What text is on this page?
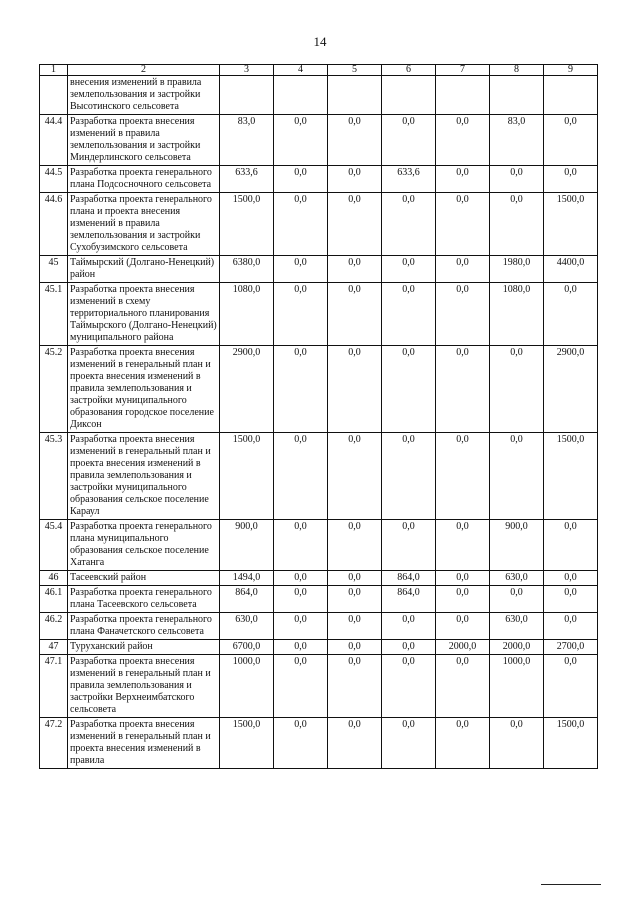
14
1	2	3	4	5	6	7	8	9
	внесения изменений в правила землепользования и застройки Высотинского сельсовета							
44.4	Разработка проекта внесения изменений в правила землепользования и застройки Миндерлинского сельсовета	83,0	0,0	0,0	0,0	0,0	83,0	0,0
44.5	Разработка проекта генерального плана Подсосночного сельсовета	633,6	0,0	0,0	633,6	0,0	0,0	0,0
44.6	Разработка проекта генерального плана и проекта внесения изменений в правила землепользования и застройки Сухобузимского сельсовета	1500,0	0,0	0,0	0,0	0,0	0,0	1500,0
45	Таймырский (Долгано-Ненецкий) район	6380,0	0,0	0,0	0,0	0,0	1980,0	4400,0
45.1	Разработка проекта внесения изменений в схему территориального планирования Таймырского (Долгано-Ненецкий) муниципального района	1080,0	0,0	0,0	0,0	0,0	1080,0	0,0
45.2	Разработка проекта внесения изменений в генеральный план и проекта внесения изменений в правила землепользования и застройки муниципального образования городское поселение Диксон	2900,0	0,0	0,0	0,0	0,0	0,0	2900,0
45.3	Разработка проекта внесения изменений в генеральный план и проекта внесения изменений в правила землепользования и застройки муниципального образования сельское поселение Караул	1500,0	0,0	0,0	0,0	0,0	0,0	1500,0
45.4	Разработка проекта генерального плана муниципального образования сельское поселение Хатанга	900,0	0,0	0,0	0,0	0,0	900,0	0,0
46	Тасеевский район	1494,0	0,0	0,0	864,0	0,0	630,0	0,0
46.1	Разработка проекта генерального плана Тасеевского сельсовета	864,0	0,0	0,0	864,0	0,0	0,0	0,0
46.2	Разработка проекта генерального плана Фаначетского сельсовета	630,0	0,0	0,0	0,0	0,0	630,0	0,0
47	Туруханский район	6700,0	0,0	0,0	0,0	2000,0	2000,0	2700,0
47.1	Разработка проекта внесения изменений в генеральный план и правила землепользования и застройки Верхнеимбатского сельсовета	1000,0	0,0	0,0	0,0	0,0	1000,0	0,0
47.2	Разработка проекта внесения изменений в генеральный план и проекта внесения изменений в правила	1500,0	0,0	0,0	0,0	0,0	0,0	1500,0
